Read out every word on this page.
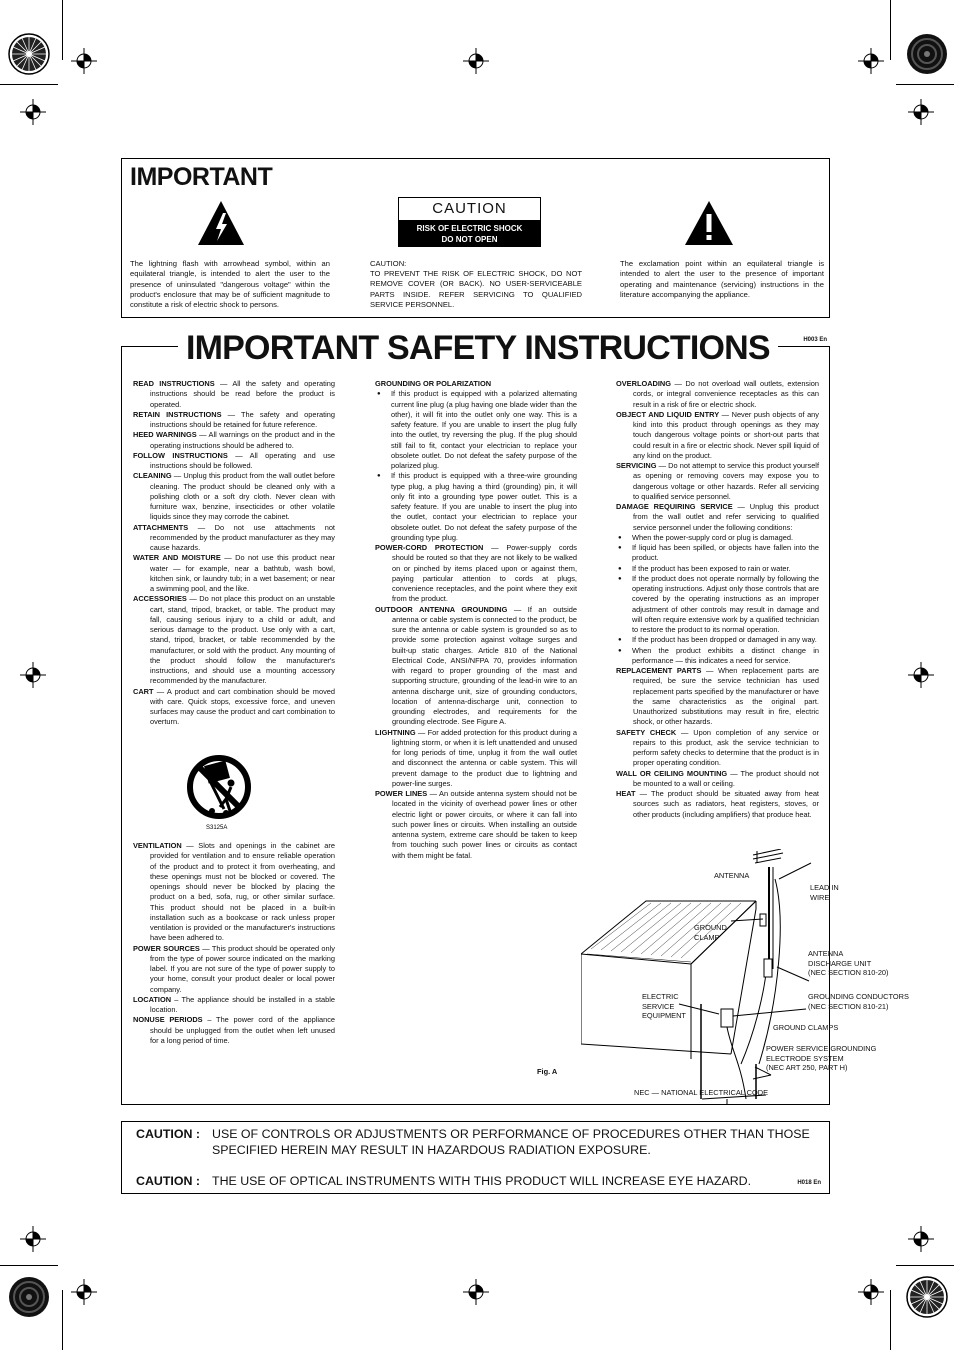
IMPORTANT
The lightning flash with arrowhead symbol, within an equilateral triangle, is intended to alert the user to the presence of uninsulated "dangerous voltage" within the product's enclosure that may be of sufficient magnitude to constitute a risk of electric shock to persons.
CAUTION
RISK OF ELECTRIC SHOCK
DO NOT OPEN
CAUTION:
TO PREVENT THE RISK OF ELECTRIC SHOCK, DO NOT REMOVE COVER (OR BACK). NO USER-SERVICEABLE PARTS INSIDE. REFER SERVICING TO QUALIFIED SERVICE PERSONNEL.
The exclamation point within an equilateral triangle is intended to alert the user to the presence of important operating and maintenance (servicing) instructions in the literature accompanying the appliance.
IMPORTANT SAFETY INSTRUCTIONS	H003 En

READ INSTRUCTIONS — All the safety and operating instructions should be read before the product is operated.

RETAIN INSTRUCTIONS — The safety and operating instructions should be retained for future reference.

HEED WARNINGS — All warnings on the product and in the operating instructions should be adhered to.

FOLLOW INSTRUCTIONS — All operating and use instructions should be followed.

CLEANING — Unplug this product from the wall outlet before cleaning. The product should be cleaned only with a polishing cloth or a soft dry cloth. Never clean with furniture wax, benzine, insecticides or other volatile liquids since they may corrode the cabinet.

ATTACHMENTS — Do not use attachments not recommended by the product manufacturer as they may cause hazards.

WATER AND MOISTURE — Do not use this product near water — for example, near a bathtub, wash bowl, kitchen sink, or laundry tub; in a wet basement; or near a swimming pool, and the like.

ACCESSORIES — Do not place this product on an unstable cart, stand, tripod, bracket, or table. The product may fall, causing serious injury to a child or adult, and serious damage to the product. Use only with a cart, stand, tripod, bracket, or table recommended by the manufacturer, or sold with the product. Any mounting of the product should follow the manufacturer's instructions, and should use a mounting accessory recommended by the manufacturer.

CART — A product and cart combination should be moved with care. Quick stops, excessive force, and uneven surfaces may cause the product and cart combination to overturn.

S3125A

VENTILATION — Slots and openings in the cabinet are provided for ventilation and to ensure reliable operation of the product and to protect it from overheating, and these openings must not be blocked or covered. The openings should never be blocked by placing the product on a bed, sofa, rug, or other similar surface. This product should not be placed in a built-in installation such as a bookcase or rack unless proper ventilation is provided or the manufacturer's instructions have been adhered to.

POWER SOURCES — This product should be operated only from the type of power source indicated on the marking label. If you are not sure of the type of power supply to your home, consult your product dealer or local power company.

LOCATION – The appliance should be installed in a stable location.

NONUSE PERIODS – The power cord of the appliance should be unplugged from the outlet when left unused for a long period of time.

GROUNDING OR POLARIZATION

● If this product is equipped with a polarized alternating current line plug (a plug having one blade wider than the other), it will fit into the outlet only one way. This is a safety feature. If you are unable to insert the plug fully into the outlet, try reversing the plug. If the plug should still fail to fit, contact your electrician to replace your obsolete outlet. Do not defeat the safety purpose of the polarized plug.

● If this product is equipped with a three-wire grounding type plug, a plug having a third (grounding) pin, it will only fit into a grounding type power outlet. This is a safety feature. If you are unable to insert the plug into the outlet, contact your electrician to replace your obsolete outlet. Do not defeat the safety purpose of the grounding type plug.

POWER-CORD PROTECTION — Power-supply cords should be routed so that they are not likely to be walked on or pinched by items placed upon or against them, paying particular attention to cords at plugs, convenience receptacles, and the point where they exit from the product.

OUTDOOR ANTENNA GROUNDING — If an outside antenna or cable system is connected to the product, be sure the antenna or cable system is grounded so as to provide some protection against voltage surges and built-up static charges. Article 810 of the National Electrical Code, ANSI/NFPA 70, provides information with regard to proper grounding of the mast and supporting structure, grounding of the lead-in wire to an antenna discharge unit, size of grounding conductors, location of antenna-discharge unit, connection to grounding electrodes, and requirements for the grounding electrode. See Figure A.

LIGHTNING — For added protection for this product during a lightning storm, or when it is left unattended and unused for long periods of time, unplug it from the wall outlet and disconnect the antenna or cable system. This will prevent damage to the product due to lightning and power-line surges.

POWER LINES — An outside antenna system should not be located in the vicinity of overhead power lines or other electric light or power circuits, or where it can fall into such power lines or circuits. When installing an outside antenna system, extreme care should be taken to keep from touching such power lines or circuits as contact with them might be fatal.

OVERLOADING — Do not overload wall outlets, extension cords, or integral convenience receptacles as this can result in a risk of fire or electric shock.

OBJECT AND LIQUID ENTRY — Never push objects of any kind into this product through openings as they may touch dangerous voltage points or short-out parts that could result in a fire or electric shock. Never spill liquid of any kind on the product.

SERVICING — Do not attempt to service this product yourself as opening or removing covers may expose you to dangerous voltage or other hazards. Refer all servicing to qualified service personnel.

DAMAGE REQUIRING SERVICE — Unplug this product from the wall outlet and refer servicing to qualified service personnel under the following conditions:

● When the power-supply cord or plug is damaged.

● If liquid has been spilled, or objects have fallen into the product.

● If the product has been exposed to rain or water.

● If the product does not operate normally by following the operating instructions. Adjust only those controls that are covered by the operating instructions as an improper adjustment of other controls may result in damage and will often require extensive work by a qualified technician to restore the product to its normal operation.

● If the product has been dropped or damaged in any way.

● When the product exhibits a distinct change in performance — this indicates a need for service.

REPLACEMENT PARTS — When replacement parts are required, be sure the service technician has used replacement parts specified by the manufacturer or have the same characteristics as the original part. Unauthorized substitutions may result in fire, electric shock, or other hazards.

SAFETY CHECK — Upon completion of any service or repairs to this product, ask the service technician to perform safety checks to determine that the product is in proper operating condition.

WALL OR CEILING MOUNTING — The product should not be mounted to a wall or ceiling.

HEAT — The product should be situated away from heat sources such as radiators, heat registers, stoves, or other products (including amplifiers) that produce heat.

ANTENNA
LEAD IN
WIRE
GROUND
CLAMP
ANTENNA
DISCHARGE UNIT
(NEC SECTION 810-20)
ELECTRIC
SERVICE
EQUIPMENT
GROUNDING CONDUCTORS
(NEC SECTION 810-21)
GROUND CLAMPS
POWER SERVICE GROUNDING
ELECTRODE SYSTEM
(NEC ART 250, PART H)
Fig. A
NEC — NATIONAL ELECTRICAL CODE
CAUTION : USE OF CONTROLS OR ADJUSTMENTS OR PERFORMANCE OF PROCEDURES OTHER THAN THOSE SPECIFIED HEREIN MAY RESULT IN HAZARDOUS RADIATION EXPOSURE.
CAUTION : THE USE OF OPTICAL INSTRUMENTS WITH THIS PRODUCT WILL INCREASE EYE HAZARD.	H018 En
